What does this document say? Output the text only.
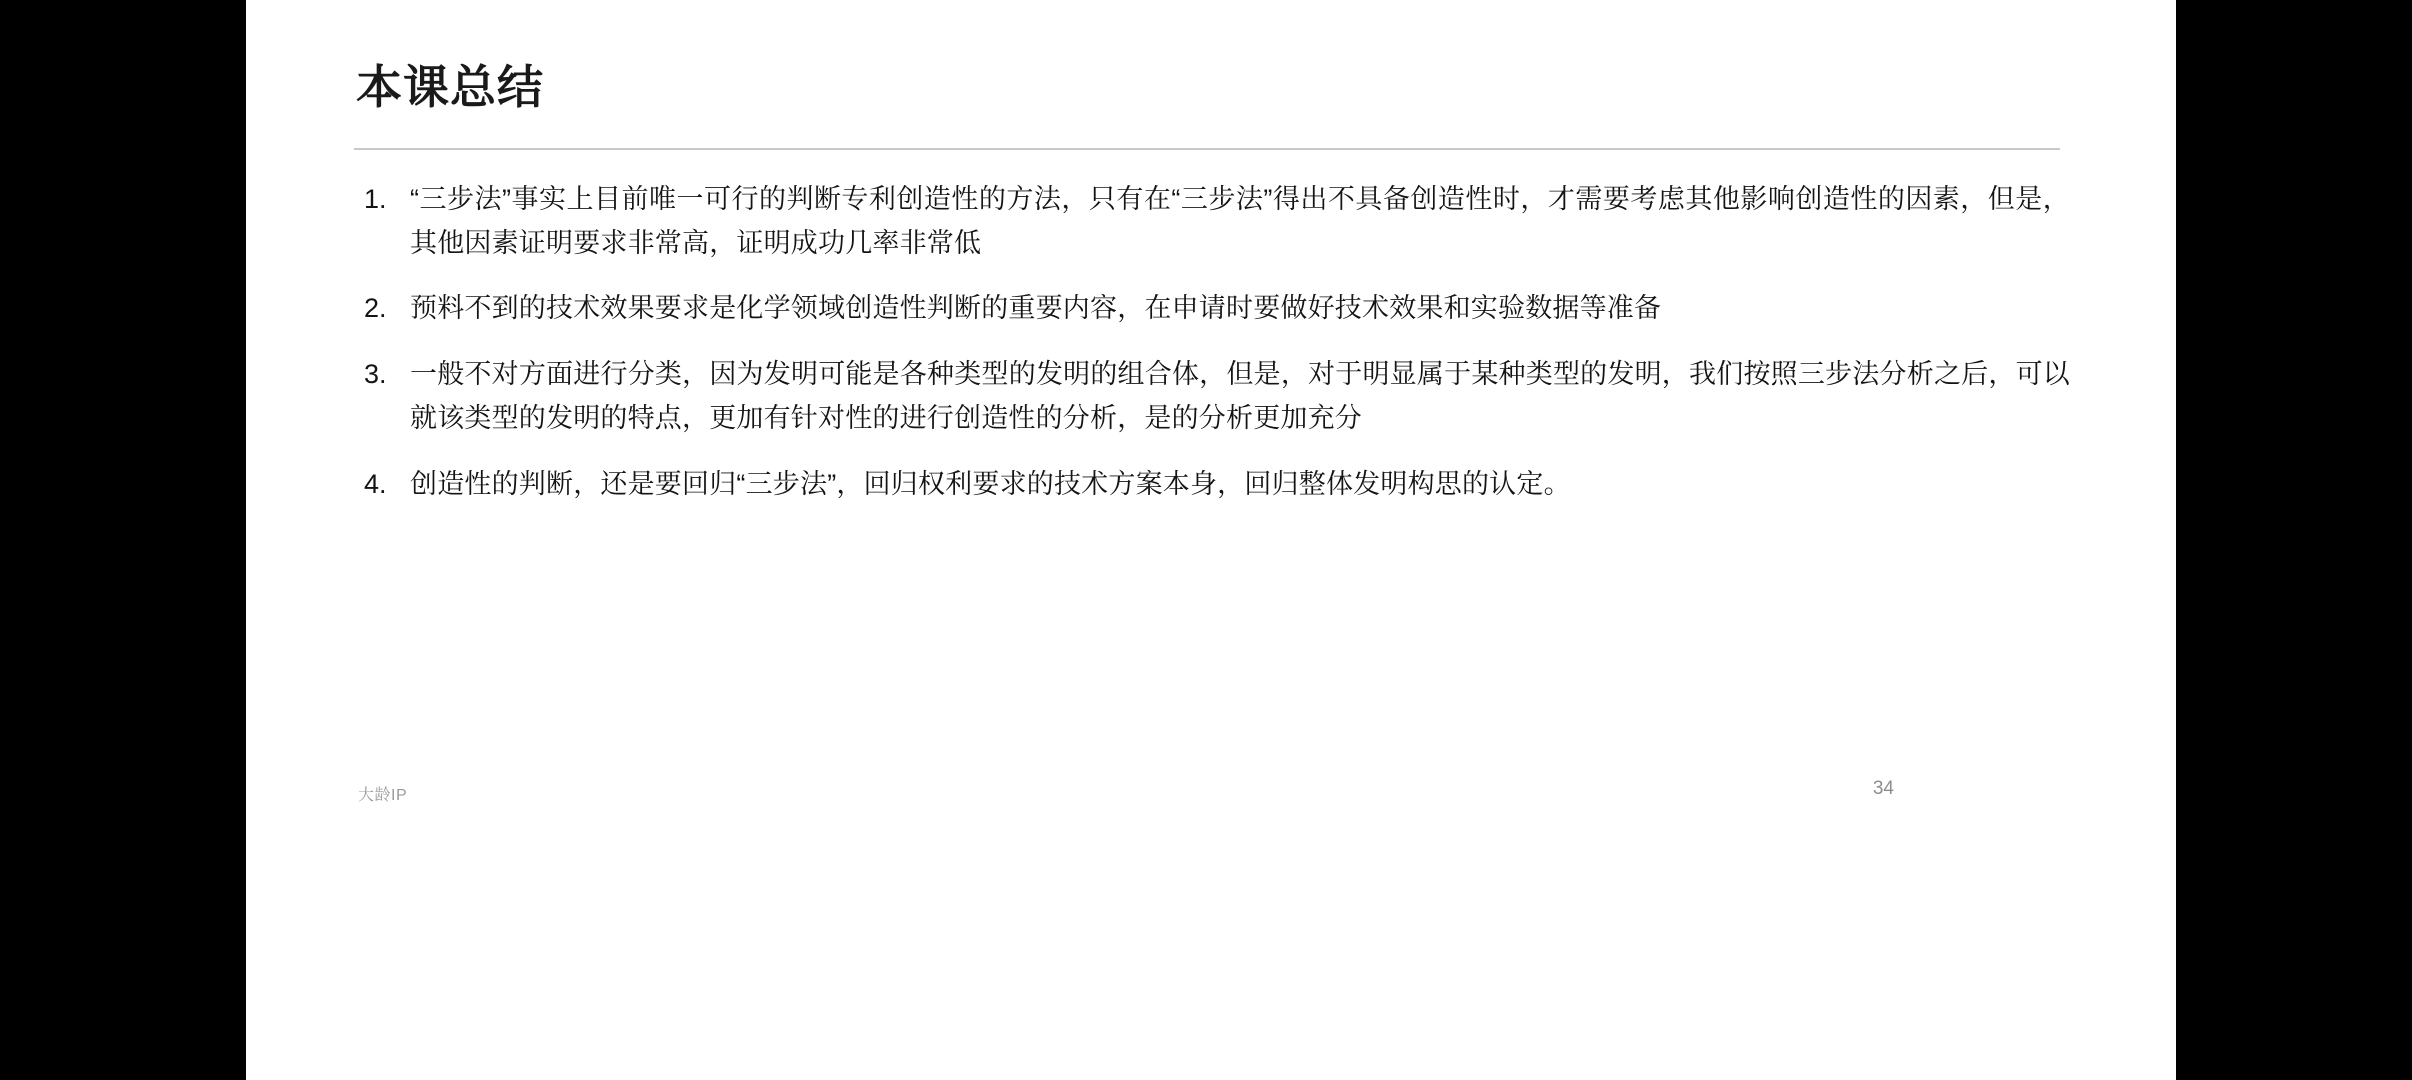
本课总结
1. “三步法”事实上目前唯一可行的判断专利创造性的方法，只有在“三步法”得出不具备创造性时，才需要考虑其他影响创造性的因素，但是，其他因素证明要求非常高，证明成功几率非常低
2. 预料不到的技术效果要求是化学领域创造性判断的重要内容，在申请时要做好技术效果和实验数据等准备
3. 一般不对方面进行分类，因为发明可能是各种类型的发明的组合体，但是，对于明显属于某种类型的发明，我们按照三步法分析之后，可以就该类型的发明的特点，更加有针对性的进行创造性的分析，是的分析更加充分
4. 创造性的判断，还是要回归“三步法”，回归权利要求的技术方案本身，回归整体发明构思的认定。
大龄IP	34
